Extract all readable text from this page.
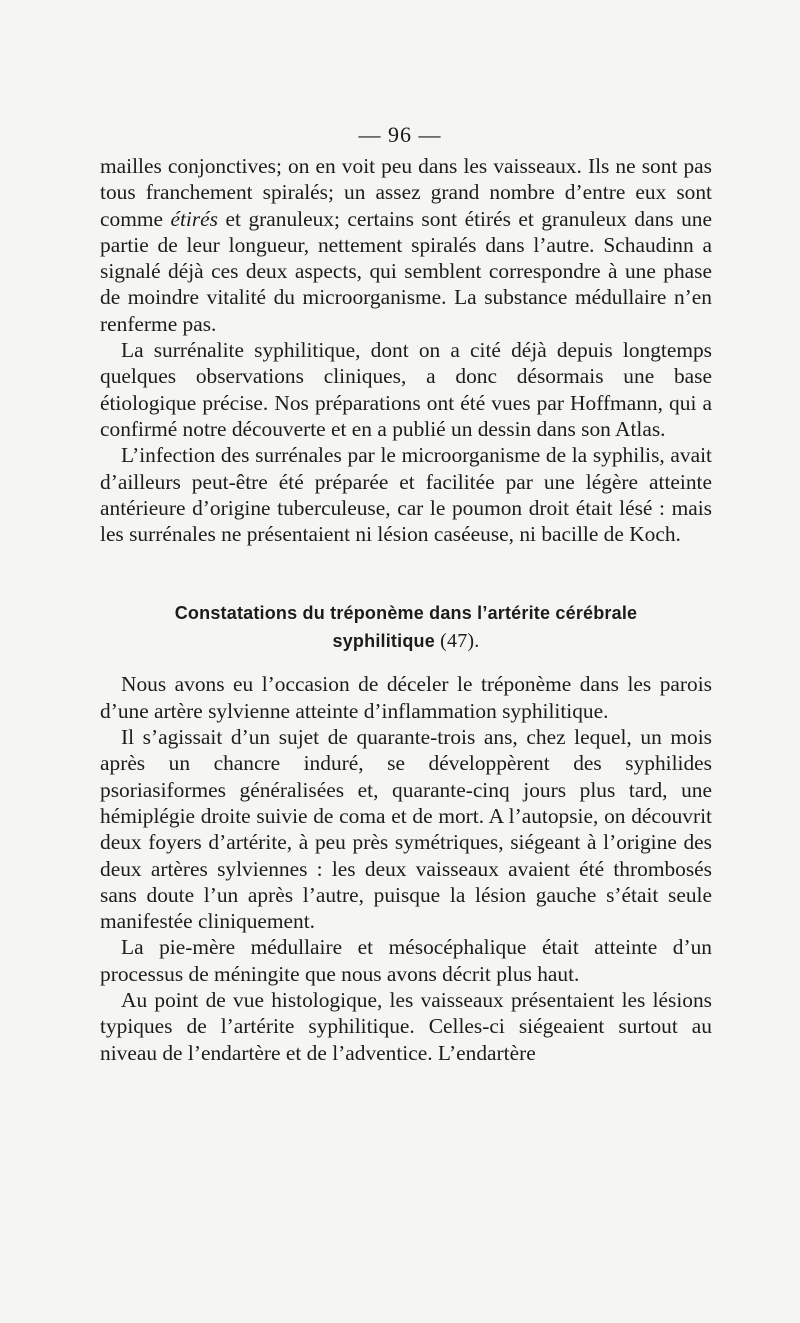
— 96 —

mailles conjonctives; on en voit peu dans les vaisseaux. Ils ne sont pas tous franchement spiralés; un assez grand nombre d’entre eux sont comme étirés et granuleux; certains sont étirés et granuleux dans une partie de leur longueur, nettement spiralés dans l’autre. Schaudinn a signalé déjà ces deux aspects, qui semblent correspondre à une phase de moindre vitalité du microorganisme. La substance médullaire n’en renferme pas.

La surrénalite syphilitique, dont on a cité déjà depuis longtemps quelques observations cliniques, a donc désormais une base étiologique précise. Nos préparations ont été vues par Hoffmann, qui a confirmé notre découverte et en a publié un dessin dans son Atlas.

L’infection des surrénales par le microorganisme de la syphilis, avait d’ailleurs peut-être été préparée et facilitée par une légère atteinte antérieure d’origine tuberculeuse, car le poumon droit était lésé : mais les surrénales ne présentaient ni lésion caséeuse, ni bacille de Koch.

Constatations du tréponème dans l’artérite cérébrale
syphilitique (47).

Nous avons eu l’occasion de déceler le tréponème dans les parois d’une artère sylvienne atteinte d’inflammation syphilitique.

Il s’agissait d’un sujet de quarante-trois ans, chez lequel, un mois après un chancre induré, se développèrent des syphilides psoriasiformes généralisées et, quarante-cinq jours plus tard, une hémiplégie droite suivie de coma et de mort. A l’autopsie, on découvrit deux foyers d’artérite, à peu près symétriques, siégeant à l’origine des deux artères sylviennes : les deux vaisseaux avaient été thrombosés sans doute l’un après l’autre, puisque la lésion gauche s’était seule manifestée cliniquement.

La pie-mère médullaire et mésocéphalique était atteinte d’un processus de méningite que nous avons décrit plus haut.

Au point de vue histologique, les vaisseaux présentaient les lésions typiques de l’artérite syphilitique. Celles-ci siégeaient surtout au niveau de l’endartère et de l’adventice. L’endartère
